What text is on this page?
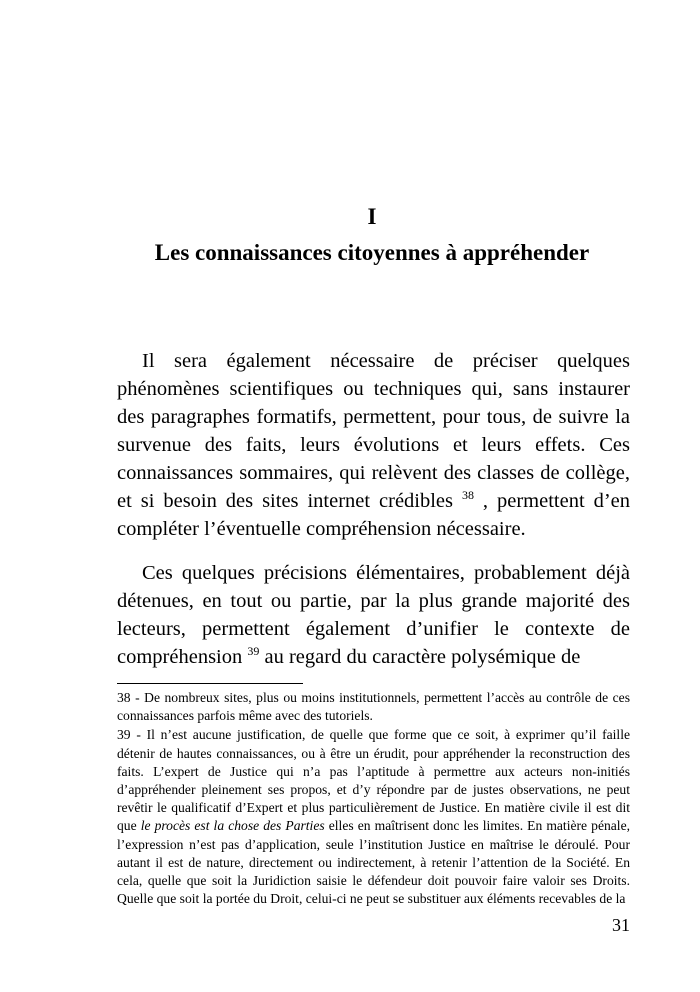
I
Les connaissances citoyennes à appréhender

Il sera également nécessaire de préciser quelques phénomènes scientifiques ou techniques qui, sans instaurer des paragraphes formatifs, permettent, pour tous, de suivre la survenue des faits, leurs évolutions et leurs effets. Ces connaissances sommaires, qui relèvent des classes de collège, et si besoin des sites internet crédibles $^{38}$ , permettent d’en compléter l’éventuelle compréhension nécessaire.

Ces quelques précisions élémentaires, probablement déjà détenues, en tout ou partie, par la plus grande majorité des lecteurs, permettent également d’unifier le contexte de compréhension $^{39}$ au regard du caractère polysémique de

38 - De nombreux sites, plus ou moins institutionnels, permettent l’accès au contrôle de ces connaissances parfois même avec des tutoriels.

39 - Il n’est aucune justification, de quelle que forme que ce soit, à exprimer qu’il faille détenir de hautes connaissances, ou à être un érudit, pour appréhender la reconstruction des faits. L’expert de Justice qui n’a pas l’aptitude à permettre aux acteurs non-initiés d’appréhender pleinement ses propos, et d’y répondre par de justes observations, ne peut revêtir le qualificatif d’Expert et plus particulièrement de Justice. En matière civile il est dit que le procès est la chose des Parties elles en maîtrisent donc les limites. En matière pénale, l’expression n’est pas d’application, seule l’institution Justice en maîtrise le déroulé. Pour autant il est de nature, directement ou indirectement, à retenir l’attention de la Société. En cela, quelle que soit la Juridiction saisie le défendeur doit pouvoir faire valoir ses Droits. Quelle que soit la portée du Droit, celui-ci ne peut se substituer aux éléments recevables de la

31
